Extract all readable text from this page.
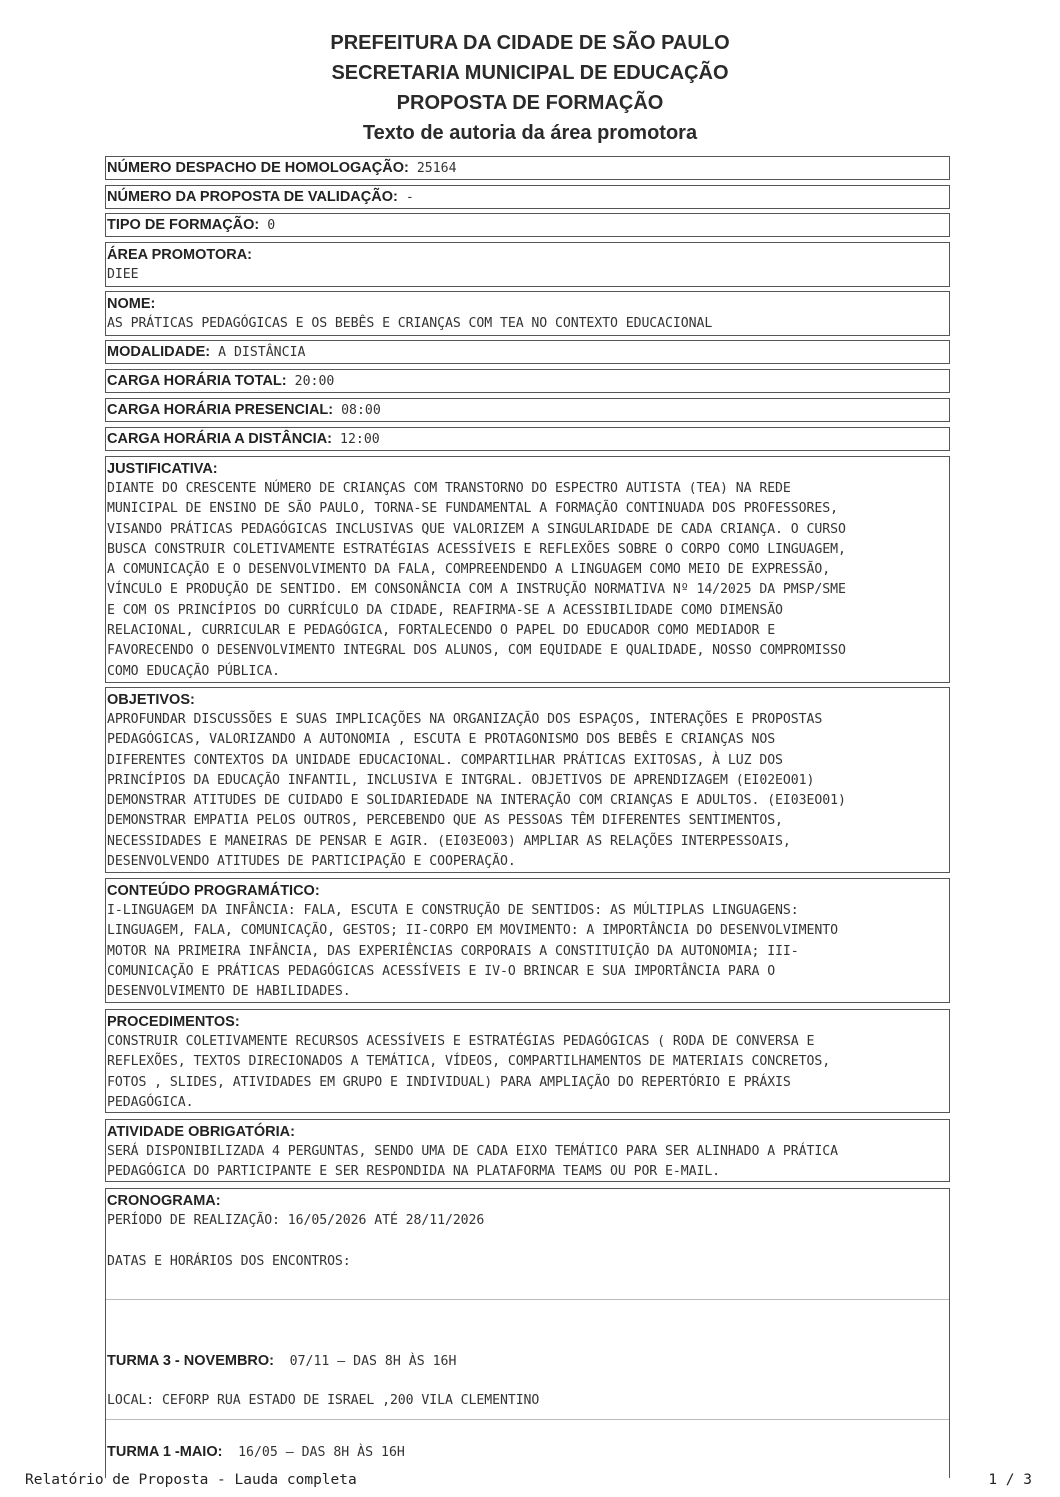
PREFEITURA DA CIDADE DE SÃO PAULO
SECRETARIA MUNICIPAL DE EDUCAÇÃO
PROPOSTA DE FORMAÇÃO
Texto de autoria da área promotora
NÚMERO DESPACHO DE HOMOLOGAÇÃO: 25164
NÚMERO DA PROPOSTA DE VALIDAÇÃO: -
TIPO DE FORMAÇÃO: 0
ÁREA PROMOTORA:
DIEE
NOME:
AS PRÁTICAS PEDAGÓGICAS E OS BEBÊS E CRIANÇAS COM TEA NO CONTEXTO EDUCACIONAL
MODALIDADE: A DISTÂNCIA
CARGA HORÁRIA TOTAL: 20:00
CARGA HORÁRIA PRESENCIAL: 08:00
CARGA HORÁRIA A DISTÂNCIA: 12:00
JUSTIFICATIVA:
DIANTE DO CRESCENTE NÚMERO DE CRIANÇAS COM TRANSTORNO DO ESPECTRO AUTISTA (TEA) NA REDE
MUNICIPAL DE ENSINO DE SÃO PAULO, TORNA-SE FUNDAMENTAL A FORMAÇÃO CONTINUADA DOS PROFESSORES,
VISANDO PRÁTICAS PEDAGÓGICAS INCLUSIVAS QUE VALORIZEM A SINGULARIDADE DE CADA CRIANÇA. O CURSO
BUSCA CONSTRUIR COLETIVAMENTE ESTRATÉGIAS ACESSÍVEIS E REFLEXÕES SOBRE O CORPO COMO LINGUAGEM,
A COMUNICAÇÃO E O DESENVOLVIMENTO DA FALA, COMPREENDENDO A LINGUAGEM COMO MEIO DE EXPRESSÃO,
VÍNCULO E PRODUÇÃO DE SENTIDO. EM CONSONÂNCIA COM A INSTRUÇÃO NORMATIVA Nº 14/2025 DA PMSP/SME
E COM OS PRINCÍPIOS DO CURRÍCULO DA CIDADE, REAFIRMA-SE A ACESSIBILIDADE COMO DIMENSÃO
RELACIONAL, CURRICULAR E PEDAGÓGICA, FORTALECENDO O PAPEL DO EDUCADOR COMO MEDIADOR E
FAVORECENDO O DESENVOLVIMENTO INTEGRAL DOS ALUNOS, COM EQUIDADE E QUALIDADE, NOSSO COMPROMISSO
COMO EDUCAÇÃO PÚBLICA.
OBJETIVOS:
APROFUNDAR DISCUSSÕES E SUAS IMPLICAÇÕES NA ORGANIZAÇÃO DOS ESPAÇOS, INTERAÇÕES E PROPOSTAS
PEDAGÓGICAS, VALORIZANDO A AUTONOMIA , ESCUTA E PROTAGONISMO DOS BEBÊS E CRIANÇAS NOS
DIFERENTES CONTEXTOS DA UNIDADE EDUCACIONAL. COMPARTILHAR PRÁTICAS EXITOSAS, À LUZ DOS
PRINCÍPIOS DA EDUCAÇÃO INFANTIL, INCLUSIVA E INTGRAL. OBJETIVOS DE APRENDIZAGEM (EI02EO01)
DEMONSTRAR ATITUDES DE CUIDADO E SOLIDARIEDADE NA INTERAÇÃO COM CRIANÇAS E ADULTOS. (EI03EO01)
DEMONSTRAR EMPATIA PELOS OUTROS, PERCEBENDO QUE AS PESSOAS TÊM DIFERENTES SENTIMENTOS,
NECESSIDADES E MANEIRAS DE PENSAR E AGIR. (EI03EO03) AMPLIAR AS RELAÇÕES INTERPESSOAIS,
DESENVOLVENDO ATITUDES DE PARTICIPAÇÃO E COOPERAÇÃO.
CONTEÚDO PROGRAMÁTICO:
I-LINGUAGEM DA INFÂNCIA: FALA, ESCUTA E CONSTRUÇÃO DE SENTIDOS: AS MÚLTIPLAS LINGUAGENS:
LINGUAGEM, FALA, COMUNICAÇÃO, GESTOS; II-CORPO EM MOVIMENTO: A IMPORTÂNCIA DO DESENVOLVIMENTO
MOTOR NA PRIMEIRA INFÂNCIA, DAS EXPERIÊNCIAS CORPORAIS A CONSTITUIÇÃO DA AUTONOMIA; III-
COMUNICAÇÃO E PRÁTICAS PEDAGÓGICAS ACESSÍVEIS E IV-O BRINCAR E SUA IMPORTÂNCIA PARA O
DESENVOLVIMENTO DE HABILIDADES.
PROCEDIMENTOS:
CONSTRUIR COLETIVAMENTE RECURSOS ACESSÍVEIS E ESTRATÉGIAS PEDAGÓGICAS ( RODA DE CONVERSA E
REFLEXÕES, TEXTOS DIRECIONADOS A TEMÁTICA, VÍDEOS, COMPARTILHAMENTOS DE MATERIAIS CONCRETOS,
FOTOS , SLIDES, ATIVIDADES EM GRUPO E INDIVIDUAL) PARA AMPLIAÇÃO DO REPERTÓRIO E PRÁXIS
PEDAGÓGICA.
ATIVIDADE OBRIGATÓRIA:
SERÁ DISPONIBILIZADA 4 PERGUNTAS, SENDO UMA DE CADA EIXO TEMÁTICO PARA SER ALINHADO A PRÁTICA
PEDAGÓGICA DO PARTICIPANTE E SER RESPONDIDA NA PLATAFORMA TEAMS OU POR E-MAIL.
CRONOGRAMA:
PERÍODO DE REALIZAÇÃO: 16/05/2026 ATÉ 28/11/2026
DATAS E HORÁRIOS DOS ENCONTROS:
TURMA 3 - NOVEMBRO: 07/11 – DAS 8H ÀS 16H
LOCAL: CEFORP RUA ESTADO DE ISRAEL ,200 VILA CLEMENTINO
TURMA 1 -MAIO: 16/05 – DAS 8H ÀS 16H
Relatório de Proposta - Lauda completa	1 / 3
